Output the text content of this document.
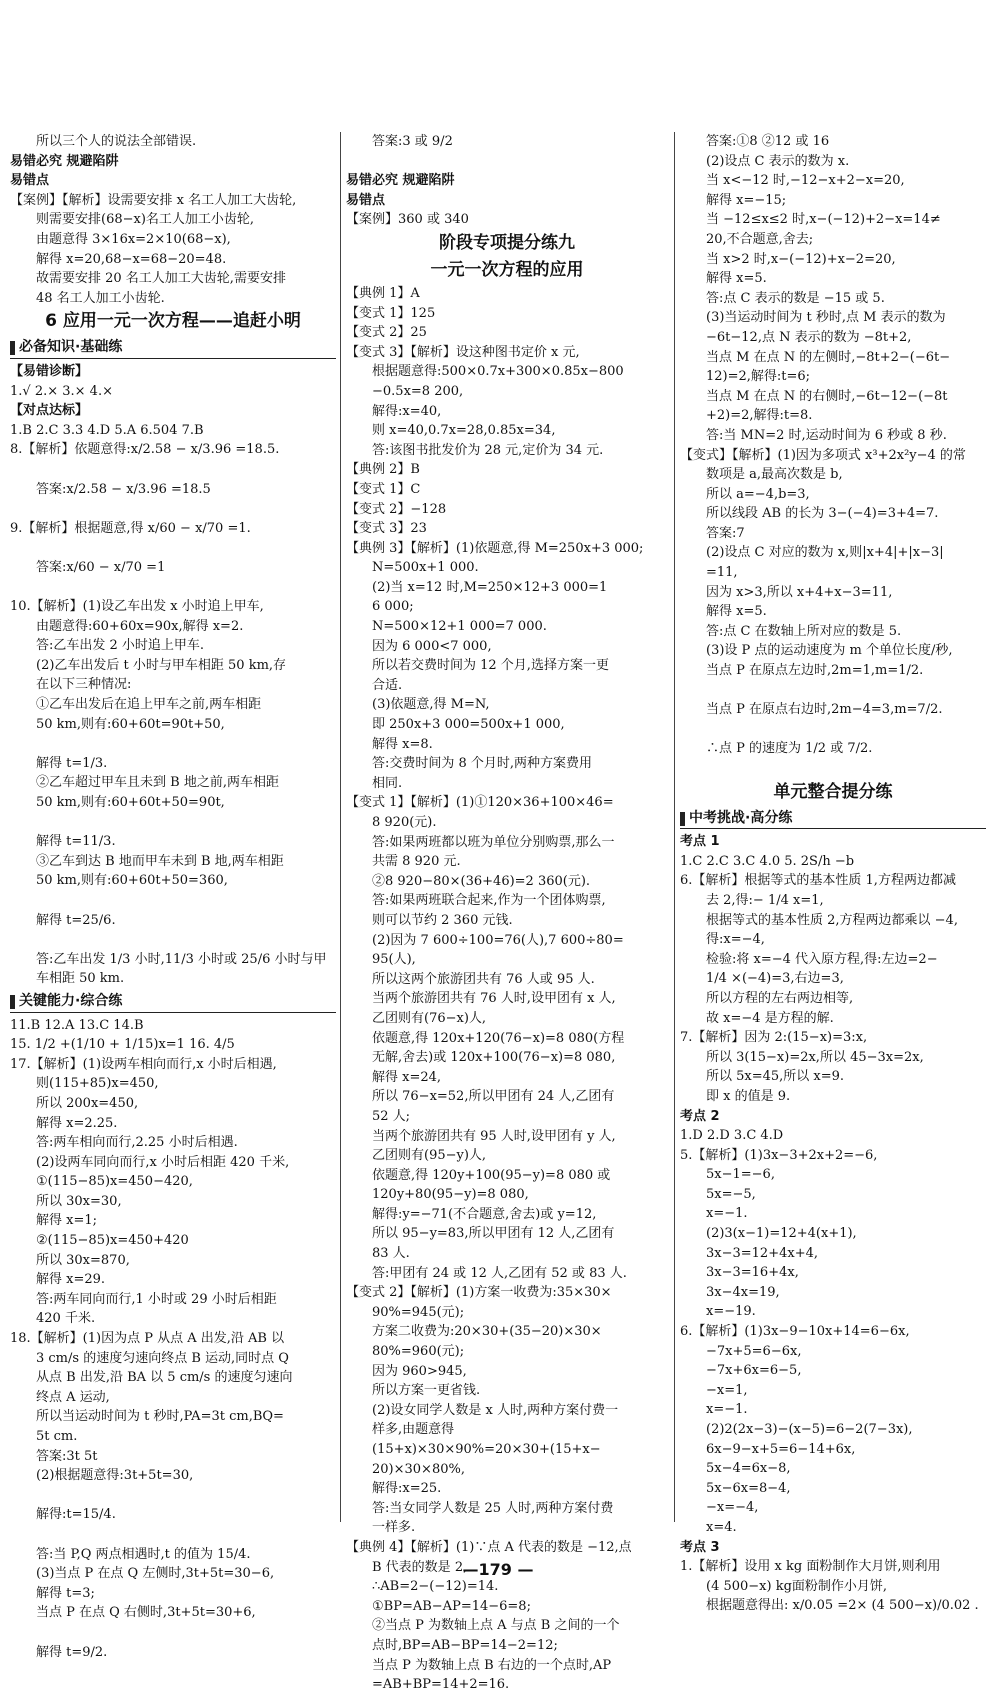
所以三个人的说法全部错误.
易错必究 规避陷阱
易错点
【案例】【解析】设需要安排 x 名工人加工大齿轮,
则需要安排(68−x)名工人加工小齿轮,
由题意得 3×16x=2×10(68−x),
解得 x=20,68−x=68−20=48.
故需要安排 20 名工人加工大齿轮,需要安排
48 名工人加工小齿轮.
6 应用一元一次方程——追赶小明
必备知识·基础练
【易错诊断】
1.√ 2.× 3.× 4.×
【对点达标】
1.B 2.C 3.3 4.D 5.A 6.504 7.B
8.【解析】依题意得:x/2.58 − x/3.96 =18.5.

答案:x/2.58 − x/3.96 =18.5

9.【解析】根据题意,得 x/60 − x/70 =1.

答案:x/60 − x/70 =1

10.【解析】(1)设乙车出发 x 小时追上甲车,
由题意得:60+60x=90x,解得 x=2.
答:乙车出发 2 小时追上甲车.
(2)乙车出发后 t 小时与甲车相距 50 km,存
在以下三种情况:
①乙车出发后在追上甲车之前,两车相距
50 km,则有:60+60t=90t+50,

解得 t=1/3.
②乙车超过甲车且未到 B 地之前,两车相距
50 km,则有:60+60t+50=90t,

解得 t=11/3.
③乙车到达 B 地而甲车未到 B 地,两车相距
50 km,则有:60+60t+50=360,

解得 t=25/6.

答:乙车出发 1/3 小时,11/3 小时或 25/6 小时与甲
车相距 50 km.
关键能力·综合练
11.B 12.A 13.C 14.B
15. 1/2 +(1/10 + 1/15)x=1 16. 4/5
17.【解析】(1)设两车相向而行,x 小时后相遇,
则(115+85)x=450,
所以 200x=450,
解得 x=2.25.
答:两车相向而行,2.25 小时后相遇.
(2)设两车同向而行,x 小时后相距 420 千米,
①(115−85)x=450−420,
所以 30x=30,
解得 x=1;
②(115−85)x=450+420
所以 30x=870,
解得 x=29.
答:两车同向而行,1 小时或 29 小时后相距
420 千米.
18.【解析】(1)因为点 P 从点 A 出发,沿 AB 以
3 cm/s 的速度匀速向终点 B 运动,同时点 Q
从点 B 出发,沿 BA 以 5 cm/s 的速度匀速向
终点 A 运动,
所以当运动时间为 t 秒时,PA=3t cm,BQ=
5t cm.
答案:3t 5t
(2)根据题意得:3t+5t=30,

解得:t=15/4.

答:当 P,Q 两点相遇时,t 的值为 15/4.
(3)当点 P 在点 Q 左侧时,3t+5t=30−6,
解得 t=3;
当点 P 在点 Q 右侧时,3t+5t=30+6,

解得 t=9/2.
答案:3 或 9/2

易错必究 规避陷阱
易错点
【案例】360 或 340
阶段专项提分练九
一元一次方程的应用
【典例 1】A
【变式 1】125
【变式 2】25
【变式 3】【解析】设这种图书定价 x 元,
根据题意得:500×0.7x+300×0.85x−800
−0.5x=8 200,
解得:x=40,
则 x=40,0.7x=28,0.85x=34,
答:该图书批发价为 28 元,定价为 34 元.
【典例 2】B
【变式 1】C
【变式 2】−128
【变式 3】23
【典例 3】【解析】(1)依题意,得 M=250x+3 000;
N=500x+1 000.
(2)当 x=12 时,M=250×12+3 000=1
6 000;
N=500×12+1 000=7 000.
因为 6 000<7 000,
所以若交费时间为 12 个月,选择方案一更
合适.
(3)依题意,得 M=N,
即 250x+3 000=500x+1 000,
解得 x=8.
答:交费时间为 8 个月时,两种方案费用
相同.
【变式 1】【解析】(1)①120×36+100×46=
8 920(元).
答:如果两班都以班为单位分别购票,那么一
共需 8 920 元.
②8 920−80×(36+46)=2 360(元).
答:如果两班联合起来,作为一个团体购票,
则可以节约 2 360 元钱.
(2)因为 7 600÷100=76(人),7 600÷80=
95(人),
所以这两个旅游团共有 76 人或 95 人.
当两个旅游团共有 76 人时,设甲团有 x 人,
乙团则有(76−x)人,
依题意,得 120x+120(76−x)=8 080(方程
无解,舍去)或 120x+100(76−x)=8 080,
解得 x=24,
所以 76−x=52,所以甲团有 24 人,乙团有
52 人;
当两个旅游团共有 95 人时,设甲团有 y 人,
乙团则有(95−y)人,
依题意,得 120y+100(95−y)=8 080 或
120y+80(95−y)=8 080,
解得:y=−71(不合题意,舍去)或 y=12,
所以 95−y=83,所以甲团有 12 人,乙团有
83 人.
答:甲团有 24 或 12 人,乙团有 52 或 83 人.
【变式 2】【解析】(1)方案一收费为:35×30×
90%=945(元);
方案二收费为:20×30+(35−20)×30×
80%=960(元);
因为 960>945,
所以方案一更省钱.
(2)设女同学人数是 x 人时,两种方案付费一
样多,由题意得
(15+x)×30×90%=20×30+(15+x−
20)×30×80%,
解得:x=25.
答:当女同学人数是 25 人时,两种方案付费
一样多.
【典例 4】【解析】(1)∵点 A 代表的数是 −12,点
B 代表的数是 2,
∴AB=2−(−12)=14.
①BP=AB−AP=14−6=8;
②当点 P 为数轴上点 A 与点 B 之间的一个
点时,BP=AB−BP=14−2=12;
当点 P 为数轴上点 B 右边的一个点时,AP
=AB+BP=14+2=16.
答案:①8 ②12 或 16
(2)设点 C 表示的数为 x.
当 x<−12 时,−12−x+2−x=20,
解得 x=−15;
当 −12≤x≤2 时,x−(−12)+2−x=14≠
20,不合题意,舍去;
当 x>2 时,x−(−12)+x−2=20,
解得 x=5.
答:点 C 表示的数是 −15 或 5.
(3)当运动时间为 t 秒时,点 M 表示的数为
−6t−12,点 N 表示的数为 −8t+2,
当点 M 在点 N 的左侧时,−8t+2−(−6t−
12)=2,解得:t=6;
当点 M 在点 N 的右侧时,−6t−12−(−8t
+2)=2,解得:t=8.
答:当 MN=2 时,运动时间为 6 秒或 8 秒.
【变式】【解析】(1)因为多项式 x³+2x²y−4 的常
数项是 a,最高次数是 b,
所以 a=−4,b=3,
所以线段 AB 的长为 3−(−4)=3+4=7.
答案:7
(2)设点 C 对应的数为 x,则|x+4|+|x−3|
=11,
因为 x>3,所以 x+4+x−3=11,
解得 x=5.
答:点 C 在数轴上所对应的数是 5.
(3)设 P 点的运动速度为 m 个单位长度/秒,
当点 P 在原点左边时,2m=1,m=1/2.

当点 P 在原点右边时,2m−4=3,m=7/2.

∴点 P 的速度为 1/2 或 7/2.

单元整合提分练
中考挑战·高分练
考点 1
1.C 2.C 3.C 4.0 5. 2S/h −b
6.【解析】根据等式的基本性质 1,方程两边都减
去 2,得:− 1/4 x=1,
根据等式的基本性质 2,方程两边都乘以 −4,
得:x=−4,
检验:将 x=−4 代入原方程,得:左边=2−
1/4 ×(−4)=3,右边=3,
所以方程的左右两边相等,
故 x=−4 是方程的解.
7.【解析】因为 2:(15−x)=3:x,
所以 3(15−x)=2x,所以 45−3x=2x,
所以 5x=45,所以 x=9.
即 x 的值是 9.
考点 2
1.D 2.D 3.C 4.D
5.【解析】(1)3x−3+2x+2=−6,
5x−1=−6,
5x=−5,
x=−1.
(2)3(x−1)=12+4(x+1),
3x−3=12+4x+4,
3x−3=16+4x,
3x−4x=19,
x=−19.
6.【解析】(1)3x−9−10x+14=6−6x,
−7x+5=6−6x,
−7x+6x=6−5,
−x=1,
x=−1.
(2)2(2x−3)−(x−5)=6−2(7−3x),
6x−9−x+5=6−14+6x,
5x−4=6x−8,
5x−6x=8−4,
−x=−4,
x=4.
考点 3
1.【解析】设用 x kg 面粉制作大月饼,则利用
(4 500−x) kg面粉制作小月饼,
根据题意得出: x/0.05 =2× (4 500−x)/0.02 .
—179 —
